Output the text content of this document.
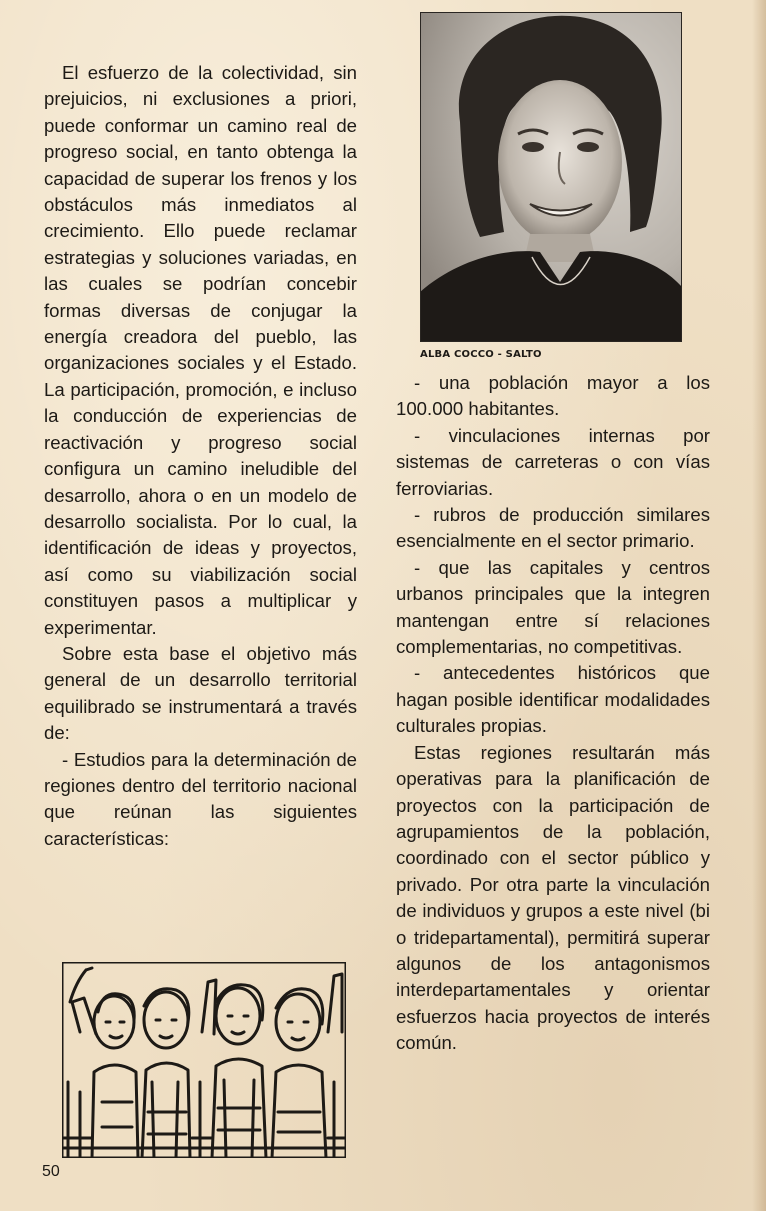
El esfuerzo de la colectividad, sin prejuicios, ni exclusiones a priori, puede conformar un camino real de progreso social, en tanto obtenga la capacidad de superar los frenos y los obstáculos más inmediatos al crecimiento. Ello puede reclamar estrategias y soluciones variadas, en las cuales se podrían concebir formas diversas de conjugar la energía creadora del pueblo, las organizaciones sociales y el Estado. La participación, promoción, e incluso la conducción de experiencias de reactivación y progreso social configura un camino ineludible del desarrollo, ahora o en un modelo de desarrollo socialista. Por lo cual, la identificación de ideas y proyectos, así como su viabilización social constituyen pasos a multiplicar y experimentar.

Sobre esta base el objetivo más general de un desarrollo territorial equilibrado se instrumentará a través de:

- Estudios para la determinación de regiones dentro del territorio nacional que reúnan las siguientes características:

ALBA COCCO - SALTO

- una población mayor a los 100.000 habitantes.

- vinculaciones internas por sistemas de carreteras o con vías ferroviarias.

- rubros de producción similares esencialmente en el sector primario.

- que las capitales y centros urbanos principales que la integren mantengan entre sí relaciones complementarias, no competitivas.

- antecedentes históricos que hagan posible identificar modalidades culturales propias.

Estas regiones resultarán más operativas para la planificación de proyectos con la participación de agrupamientos de la población, coordinado con el sector público y privado. Por otra parte la vinculación de individuos y grupos a este nivel (bi o tridepartamental), permitirá superar algunos de los antagonismos interdepartamentales y orientar esfuerzos hacia proyectos de interés común.

50
